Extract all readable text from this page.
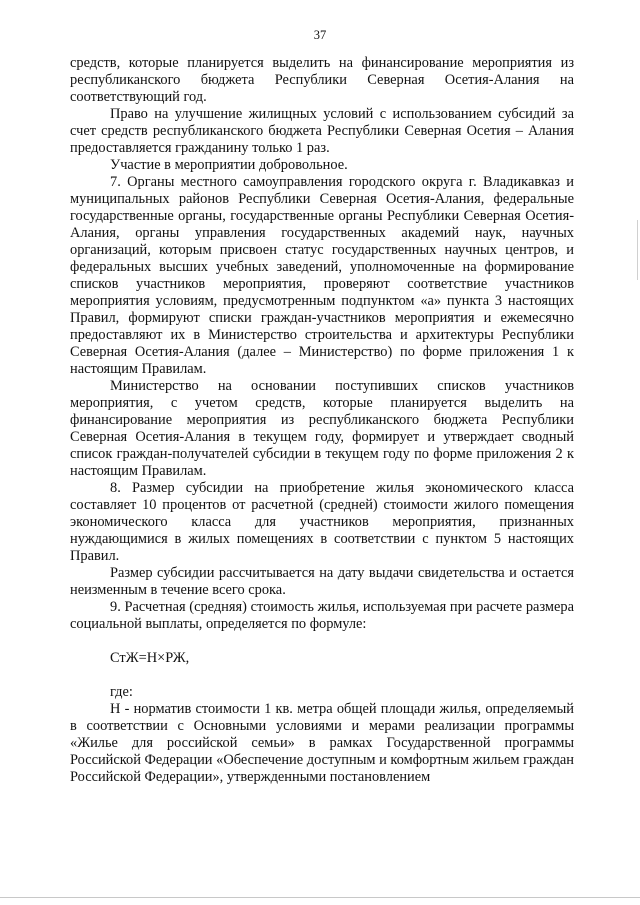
37

средств, которые планируется выделить на финансирование мероприятия из республиканского бюджета Республики Северная Осетия-Алания на соответствующий год.

Право на улучшение жилищных условий с использованием субсидий за счет средств республиканского бюджета Республики Северная Осетия – Алания предоставляется гражданину только 1 раз.

Участие в мероприятии добровольное.

7. Органы местного самоуправления городского округа г. Владикавказ и муниципальных районов Республики Северная Осетия-Алания, федеральные государственные органы, государственные органы Республики Северная Осетия-Алания, органы управления государственных академий наук, научных организаций, которым присвоен статус государственных научных центров, и федеральных высших учебных заведений, уполномоченные на формирование списков участников мероприятия, проверяют соответствие участников мероприятия условиям, предусмотренным подпунктом «а» пункта 3 настоящих Правил, формируют списки граждан-участников мероприятия и ежемесячно предоставляют их в Министерство строительства и архитектуры Республики Северная Осетия-Алания (далее – Министерство) по форме приложения 1 к настоящим Правилам.

Министерство на основании поступивших списков участников мероприятия, с учетом средств, которые планируется выделить на финансирование мероприятия из республиканского бюджета Республики Северная Осетия-Алания в текущем году, формирует и утверждает сводный список граждан-получателей субсидии в текущем году по форме приложения 2 к настоящим Правилам.

8. Размер субсидии на приобретение жилья экономического класса составляет 10 процентов от расчетной (средней) стоимости жилого помещения экономического класса для участников мероприятия, признанных нуждающимися в жилых помещениях в соответствии с пунктом 5 настоящих Правил.

Размер субсидии рассчитывается на дату выдачи свидетельства и остается неизменным в течение всего срока.

9. Расчетная (средняя) стоимость жилья, используемая при расчете размера социальной выплаты, определяется по формуле:

СтЖ=Н×РЖ,

где:

Н - норматив стоимости 1 кв. метра общей площади жилья, определяемый в соответствии с Основными условиями и мерами реализации программы «Жилье для российской семьи» в рамках Государственной программы Российской Федерации «Обеспечение доступным и комфортным жильем граждан Российской Федерации», утвержденными постановлением
